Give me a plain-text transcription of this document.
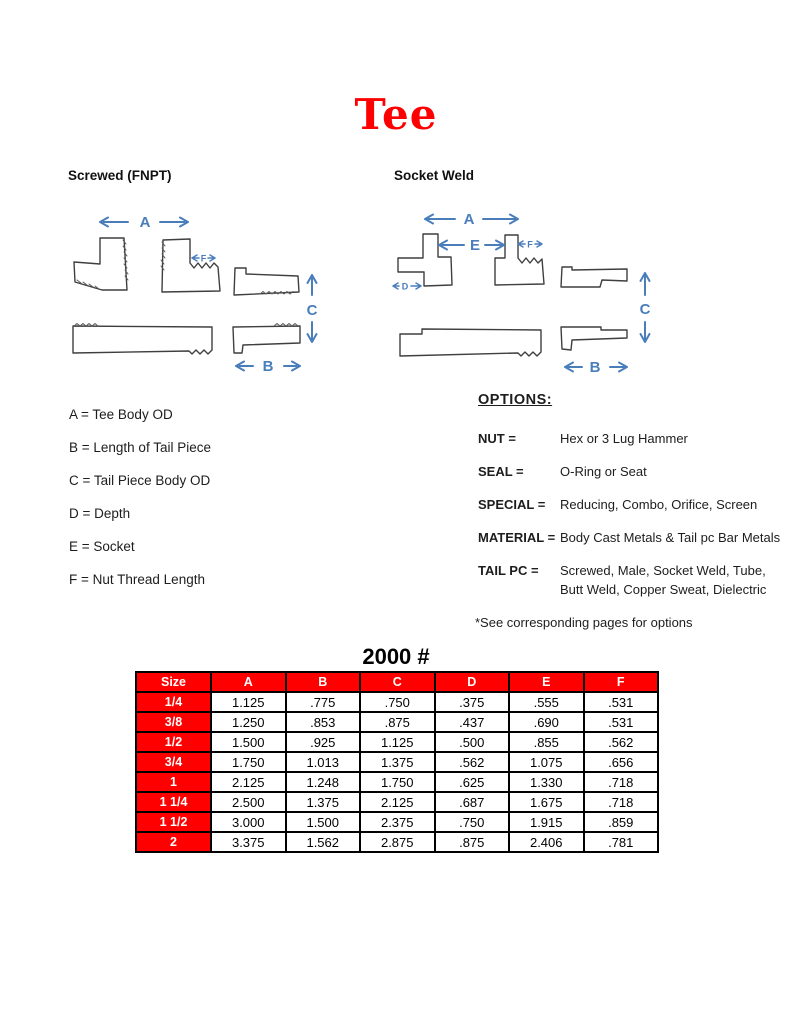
Tee
Screwed (FNPT)	Socket Weld
A
F
C
B
A
E	F
D
C
B
A = Tee Body OD
B = Length of Tail Piece
C = Tail Piece Body OD
D = Depth
E = Socket
F = Nut Thread Length
OPTIONS:
NUT =	Hex or 3 Lug Hammer
SEAL =	O-Ring or Seat
SPECIAL =	Reducing, Combo, Orifice, Screen
MATERIAL = Body Cast Metals & Tail pc Bar Metals
TAIL PC =	Screwed, Male, Socket Weld, Tube, Butt Weld, Copper Sweat, Dielectric
*See corresponding pages for options
2000 #
Size	A	B	C	D	E	F
1/4	1.125	.775	.750	.375	.555	.531
3/8	1.250	.853	.875	.437	.690	.531
1/2	1.500	.925	1.125	.500	.855	.562
3/4	1.750	1.013	1.375	.562	1.075	.656
1	2.125	1.248	1.750	.625	1.330	.718
1 1/4	2.500	1.375	2.125	.687	1.675	.718
1 1/2	3.000	1.500	2.375	.750	1.915	.859
2	3.375	1.562	2.875	.875	2.406	.781
